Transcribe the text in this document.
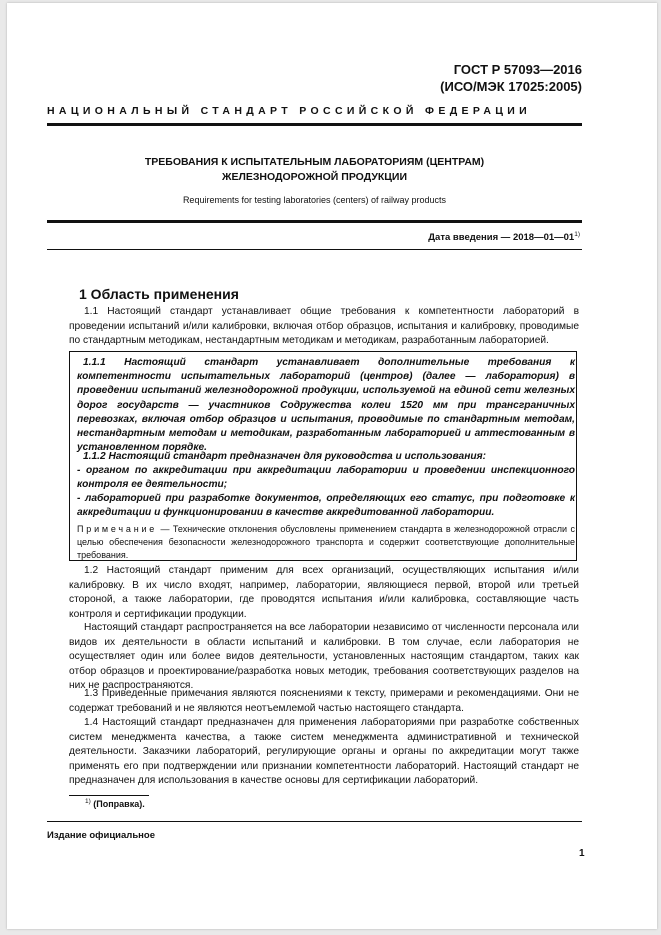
ГОСТ Р 57093—2016
(ИСО/МЭК 17025:2005)
НАЦИОНАЛЬНЫЙ СТАНДАРТ РОССИЙСКОЙ ФЕДЕРАЦИИ
ТРЕБОВАНИЯ К ИСПЫТАТЕЛЬНЫМ ЛАБОРАТОРИЯМ (ЦЕНТРАМ)
ЖЕЛЕЗНОДОРОЖНОЙ ПРОДУКЦИИ
Requirements for testing laboratories (centers) of railway products
Дата введения — 2018—01—01$^{1)}$
1 Область применения
1.1 Настоящий стандарт устанавливает общие требования к компетентности лабораторий в проведении испытаний и/или калибровки, включая отбор образцов, испытания и калибровку, проводимые по стандартным методикам, нестандартным методикам и методикам, разработанным лабораторией.
1.1.1 Настоящий стандарт устанавливает дополнительные требования к компетентности испытательных лабораторий (центров) (далее — лаборатория) в проведении испытаний железнодорожной продукции, используемой на единой сети железных дорог государств — участников Содружества колеи 1520 мм при трансграничных перевозках, включая отбор образцов и испытания, проводимые по стандартным методам, нестандартным методам и методикам, разработанным лабораторией и аттестованным в установленном порядке.
1.1.2 Настоящий стандарт предназначен для руководства и использования:
- органом по аккредитации при аккредитации лаборатории и проведении инспекционного контроля ее деятельности;
- лабораторией при разработке документов, определяющих его статус, при подготовке к аккредитации и функционировании в качестве аккредитованной лаборатории.
Примечание — Технические отклонения обусловлены применением стандарта в железнодорожной отрасли с целью обеспечения безопасности железнодорожного транспорта и содержит соответствующие дополнительные требования.
1.2 Настоящий стандарт применим для всех организаций, осуществляющих испытания и/или калибровку. В их число входят, например, лаборатории, являющиеся первой, второй или третьей стороной, а также лаборатории, где проводятся испытания и/или калибровка, составляющие часть контроля и сертификации продукции.
Настоящий стандарт распространяется на все лаборатории независимо от численности персонала или видов их деятельности в области испытаний и калибровки. В том случае, если лаборатория не осуществляет один или более видов деятельности, установленных настоящим стандартом, таких как отбор образцов и проектирование/разработка новых методик, требования соответствующих разделов на них не распространяются.
1.3 Приведенные примечания являются пояснениями к тексту, примерами и рекомендациями. Они не содержат требований и не являются неотъемлемой частью настоящего стандарта.
1.4 Настоящий стандарт предназначен для применения лабораториями при разработке собственных систем менеджмента качества, а также систем менеджмента административной и технической деятельности. Заказчики лабораторий, регулирующие органы и органы по аккредитации могут также применять его при подтверждении или признании компетентности лабораторий. Настоящий стандарт не предназначен для использования в качестве основы для сертификации лабораторий.
$^{1)}$ (Поправка).
Издание официальное
1
